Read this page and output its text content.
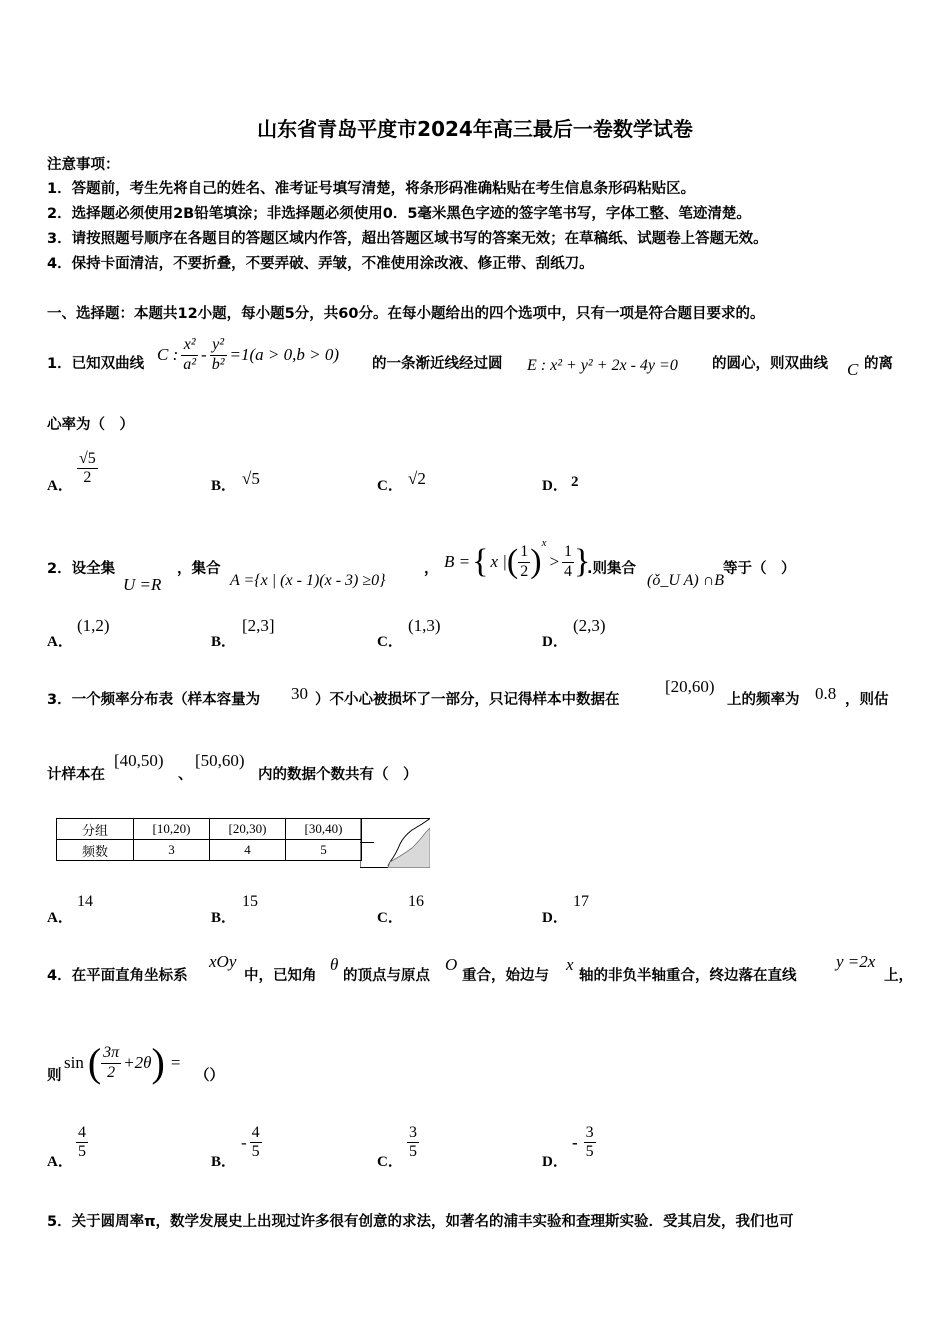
山东省青岛平度市2024年高三最后一卷数学试卷
注意事项：
1．答题前，考生先将自己的姓名、准考证号填写清楚，将条形码准确粘贴在考生信息条形码粘贴区。
2．选择题必须使用2B铅笔填涂；非选择题必须使用0．5毫米黑色字迹的签字笔书写，字体工整、笔迹清楚。
3．请按照题号顺序在各题目的答题区域内作答，超出答题区域书写的答案无效；在草稿纸、试题卷上答题无效。
4．保持卡面清洁，不要折叠，不要弄破、弄皱，不准使用涂改液、修正带、刮纸刀。
一、选择题：本题共12小题，每小题5分，共60分。在每小题给出的四个选项中，只有一项是符合题目要求的。
1．已知双曲线 C : $\frac{\text{x²}}{\text{a²}} - \frac{\text{y²}}{\text{b²}} =1(a > 0,b > 0)$ 的一条渐近线经过圆 E : x² + y² + 2x - 4y =0 的圆心，则双曲线 C 的离
心率为（　）
A． $\frac{√5}{2}$	B． √5	C． √2	D． 2
2．设全集
U =R
，集合
A ={x | (x - 1)(x - 3) ≥0}
， B = { x | ( $\frac{1}{2}$ ) x
> $\frac{1}{4}$ }
.则集合
(ǒ_U A) ∩B
等于（　）
A．
(1,2)
B．
[2,3]
C．
(1,3)
D．
(2,3)
3．一个频率分布表（样本容量为 30 ）不小心被损坏了一部分，只记得样本中数据在
[20,60)
上的频率为 0.8 ，则估
计样本在
[40,50)
、
[50,60)
内的数据个数共有（　）
分组	[10,20)	[20,30)	[30,40)
频数	3	4	5
A．
14
B．
15
C．
16
D．
17
4．在平面直角坐标系
xOy
中，已知角
θ
的顶点与原点
O
重合，始边与
x
轴的非负半轴重合，终边落在直线
y =2x
上，
则
sin ( $\frac{3\pi}{2} +2\theta$ ) =
（）
A．
$\frac{4}{5}$
B．
- $\frac{4}{5}$
C．
$\frac{3}{5}$
D．
- $\frac{3}{5}$
5．关于圆周率π，数学发展史上出现过许多很有创意的求法，如著名的浦丰实验和查理斯实验．受其启发，我们也可
